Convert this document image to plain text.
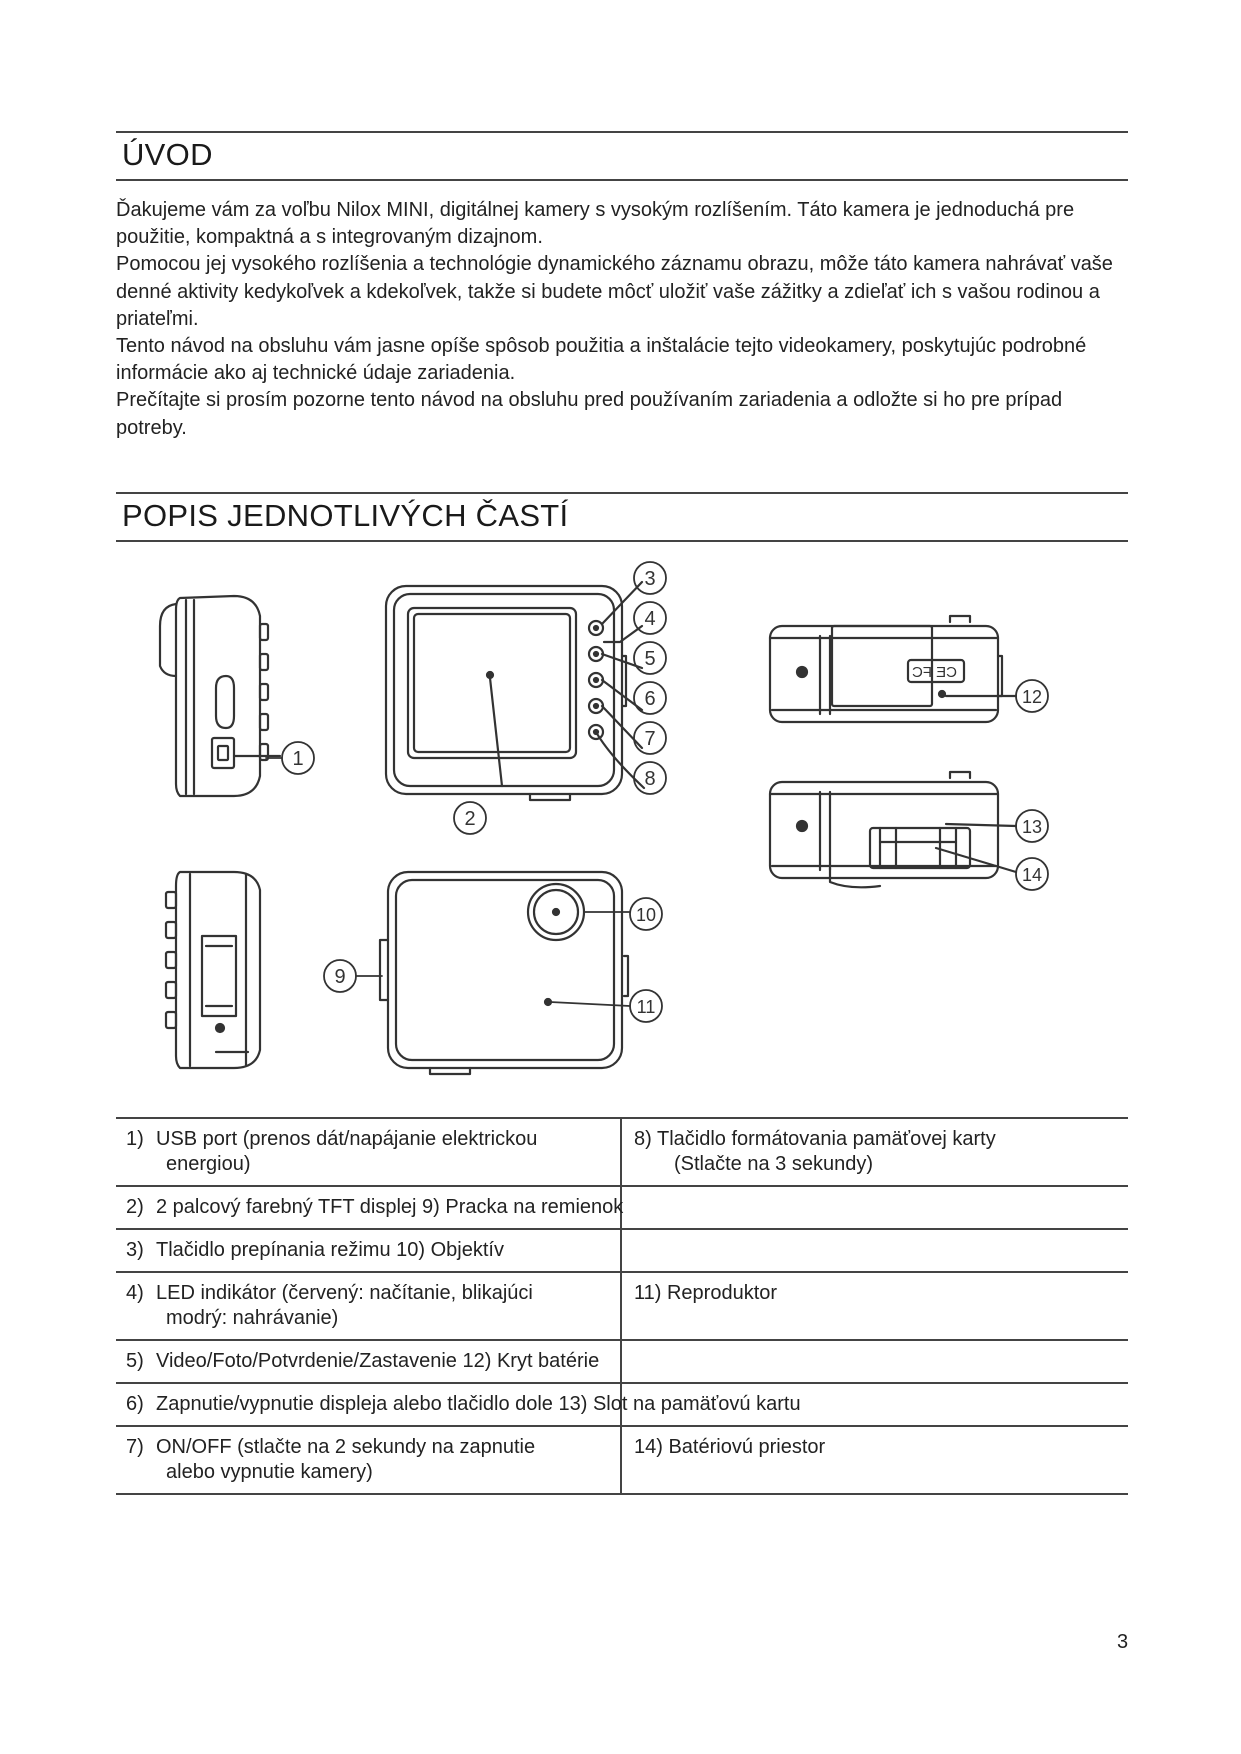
ÚVOD

Ďakujeme vám za voľbu Nilox MINI, digitálnej kamery s vysokým rozlíšením. Táto kamera je jednoduchá pre použitie, kompaktná a s integrovaným dizajnom.

Pomocou jej vysokého rozlíšenia a technológie dynamického záznamu obrazu, môže táto kamera nahrávať vaše denné aktivity kedykoľvek a kdekoľvek, takže si budete môcť uložiť vaše zážitky a zdieľať ich s vašou rodinou a priateľmi.

Tento návod na obsluhu vám jasne opíše spôsob použitia a inštalácie tejto videokamery, poskytujúc podrobné informácie ako aj technické údaje zariadenia.

Prečítajte si prosím pozorne tento návod na obsluhu pred používaním zariadenia a odložte si ho pre prípad potreby.

POPIS JEDNOTLIVÝCH ČASTÍ
CE FC
1
2
3
4
5
6
7
8
9
10
11
12
13
14
1) USB port (prenos dát/napájanie elektrickou
energiou)	8) Tlačidlo formátovania pamäťovej karty
(Stlačte na 3 sekundy)

2) 2 palcový farebný TFT displej 9) Pracka na remienok	
3) Tlačidlo prepínania režimu 10) Objektív	
4) LED indikátor (červený: načítanie, blikajúci
modrý: nahrávanie)	11) Reproduktor
5) Video/Foto/Potvrdenie/Zastavenie 12) Kryt batérie	
6) Zapnutie/vypnutie displeja alebo tlačidlo dole 13) Slot na pamäťovú kartu	
7) ON/OFF (stlačte na 2 sekundy na zapnutie
alebo vypnutie kamery)	14) Batériovú priestor
3
